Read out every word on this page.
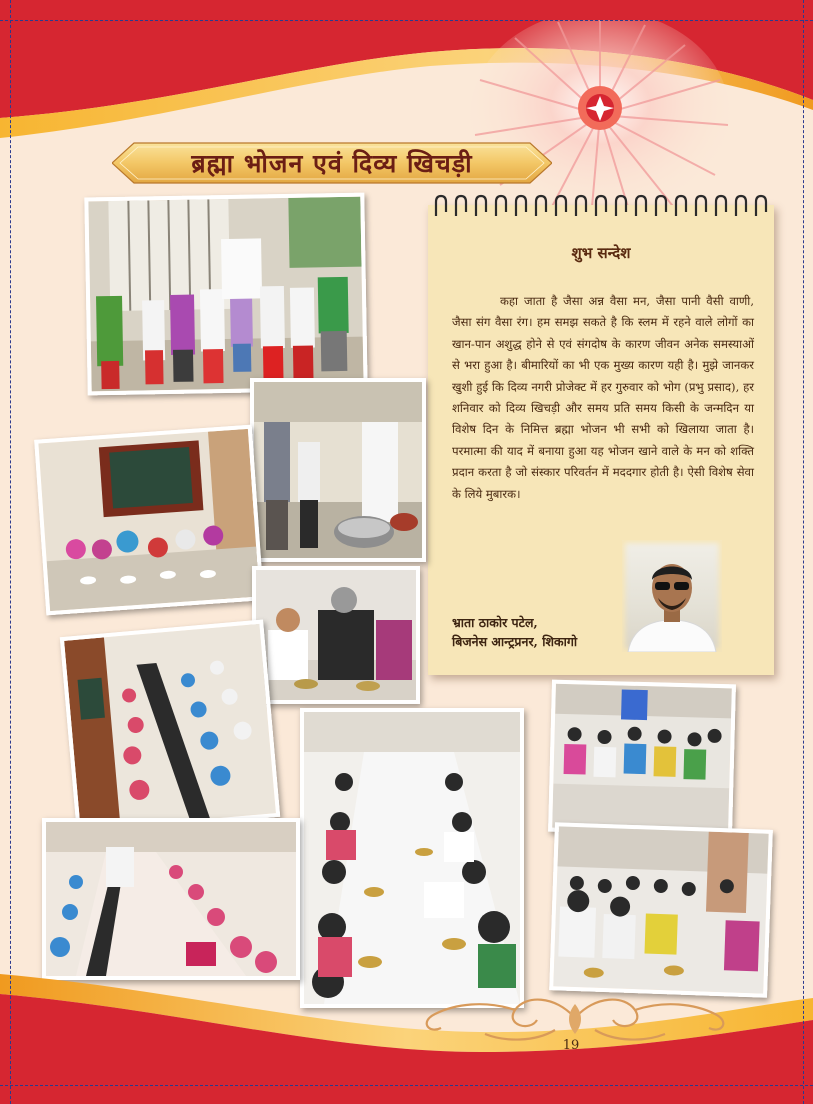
ब्रह्मा भोजन एवं दिव्य खिचड़ी
शुभ सन्देश

कहा जाता है जैसा अन्न वैसा मन, जैसा पानी वैसी वाणी, जैसा संग वैसा रंग। हम समझ सकते है कि स्लम में रहने वाले लोगों का खान-पान अशुद्ध होने से एवं संगदोष के कारण जीवन अनेक समस्याओं से भरा हुआ है। बीमारियों का भी एक मुख्य कारण यही है। मुझे जानकर खुशी हुई कि दिव्य नगरी प्रोजेक्ट में हर गुरुवार को भोग (प्रभु प्रसाद), हर शनिवार को दिव्य खिचड़ी और समय प्रति समय किसी के जन्मदिन या विशेष दिन के निमित्त ब्रह्मा भोजन भी सभी को खिलाया जाता है। परमात्मा की याद में बनाया हुआ यह भोजन खाने वाले के मन को शक्ति प्रदान करता है जो संस्कार परिवर्तन में मददगार होती है। ऐसी विशेष सेवा के लिये मुबारक।

भ्राता ठाकोर पटेल,
बिजनेस आन्ट्रप्रनर, शिकागो
19
